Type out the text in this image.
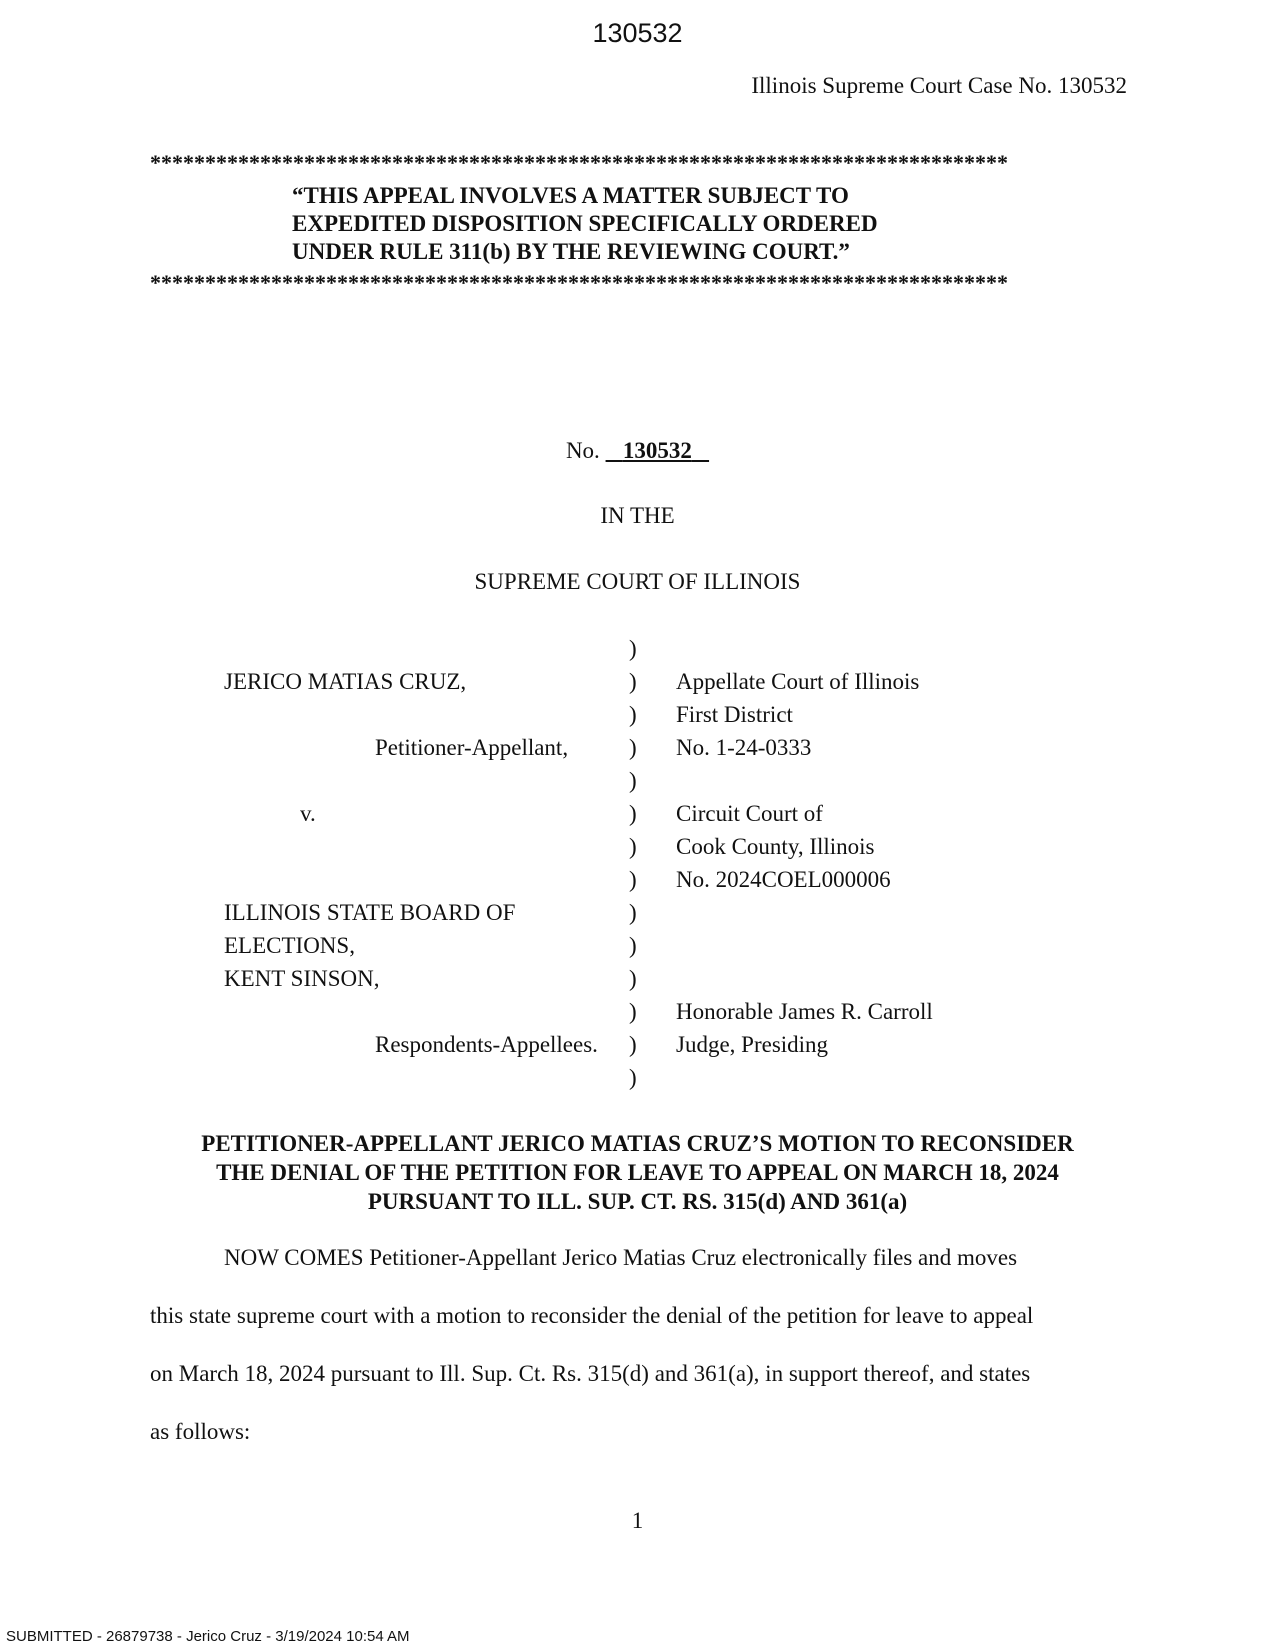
130532
Illinois Supreme Court Case No. 130532
******************************************************************************
“THIS APPEAL INVOLVES A MATTER SUBJECT TO
EXPEDITED DISPOSITION SPECIFICALLY ORDERED
UNDER RULE 311(b) BY THE REVIEWING COURT.”
******************************************************************************
No. 130532
IN THE
SUPREME COURT OF ILLINOIS
JERICO MATIAS CRUZ,
Petitioner-Appellant,
v.
ILLINOIS STATE BOARD OF
ELECTIONS,
KENT SINSON,
Respondents-Appellees.
)
)
)
)
)
)
)
)
)
)
)
)
)
)
Appellate Court of Illinois
First District
No. 1-24-0333
Circuit Court of
Cook County, Illinois
No. 2024COEL000006
Honorable James R. Carroll
Judge, Presiding
PETITIONER-APPELLANT JERICO MATIAS CRUZ’S MOTION TO RECONSIDER
THE DENIAL OF THE PETITION FOR LEAVE TO APPEAL ON MARCH 18, 2024
PURSUANT TO ILL. SUP. CT. RS. 315(d) AND 361(a)
NOW COMES Petitioner-Appellant Jerico Matias Cruz electronically files and moves
this state supreme court with a motion to reconsider the denial of the petition for leave to appeal
on March 18, 2024 pursuant to Ill. Sup. Ct. Rs. 315(d) and 361(a), in support thereof, and states
as follows:
1
SUBMITTED - 26879738 - Jerico Cruz - 3/19/2024 10:54 AM
